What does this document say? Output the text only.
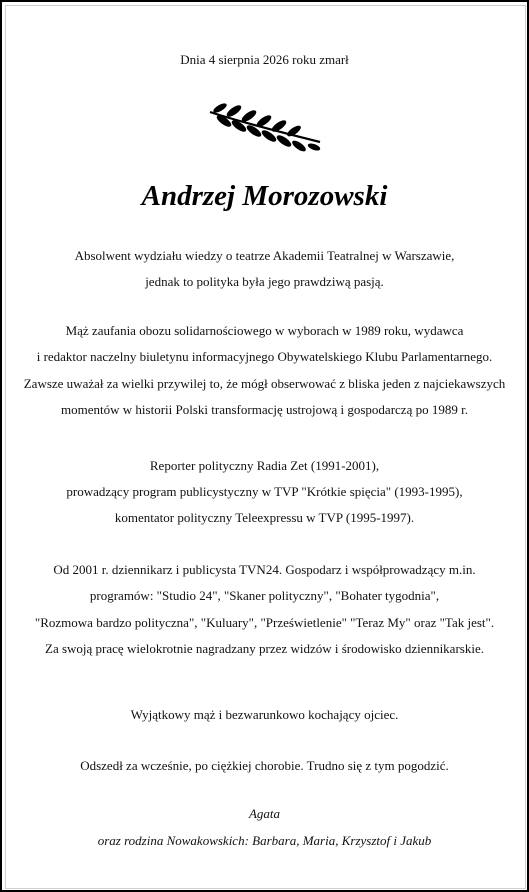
Dnia 4 sierpnia 2026 roku zmarł
Andrzej Morozowski
Absolwent wydziału wiedzy o teatrze Akademii Teatralnej w Warszawie,
jednak to polityka była jego prawdziwą pasją.
Mąż zaufania obozu solidarnościowego w wyborach w 1989 roku, wydawca
i redaktor naczelny biuletynu informacyjnego Obywatelskiego Klubu Parlamentarnego.
Zawsze uważał za wielki przywilej to, że mógł obserwować z bliska jeden z najciekawszych
momentów w historii Polski transformację ustrojową i gospodarczą po 1989 r.
Reporter polityczny Radia Zet (1991-2001),
prowadzący program publicystyczny w TVP "Krótkie spięcia" (1993-1995),
komentator polityczny Teleexpressu w TVP (1995-1997).
Od 2001 r. dziennikarz i publicysta TVN24. Gospodarz i współprowadzący m.in.
programów: "Studio 24", "Skaner polityczny", "Bohater tygodnia",
"Rozmowa bardzo polityczna", "Kuluary", "Prześwietlenie" "Teraz My" oraz "Tak jest".
Za swoją pracę wielokrotnie nagradzany przez widzów i środowisko dziennikarskie.
Wyjątkowy mąż i bezwarunkowo kochający ojciec.
Odszedł za wcześnie, po ciężkiej chorobie. Trudno się z tym pogodzić.
Agata
oraz rodzina Nowakowskich: Barbara, Maria, Krzysztof i Jakub
